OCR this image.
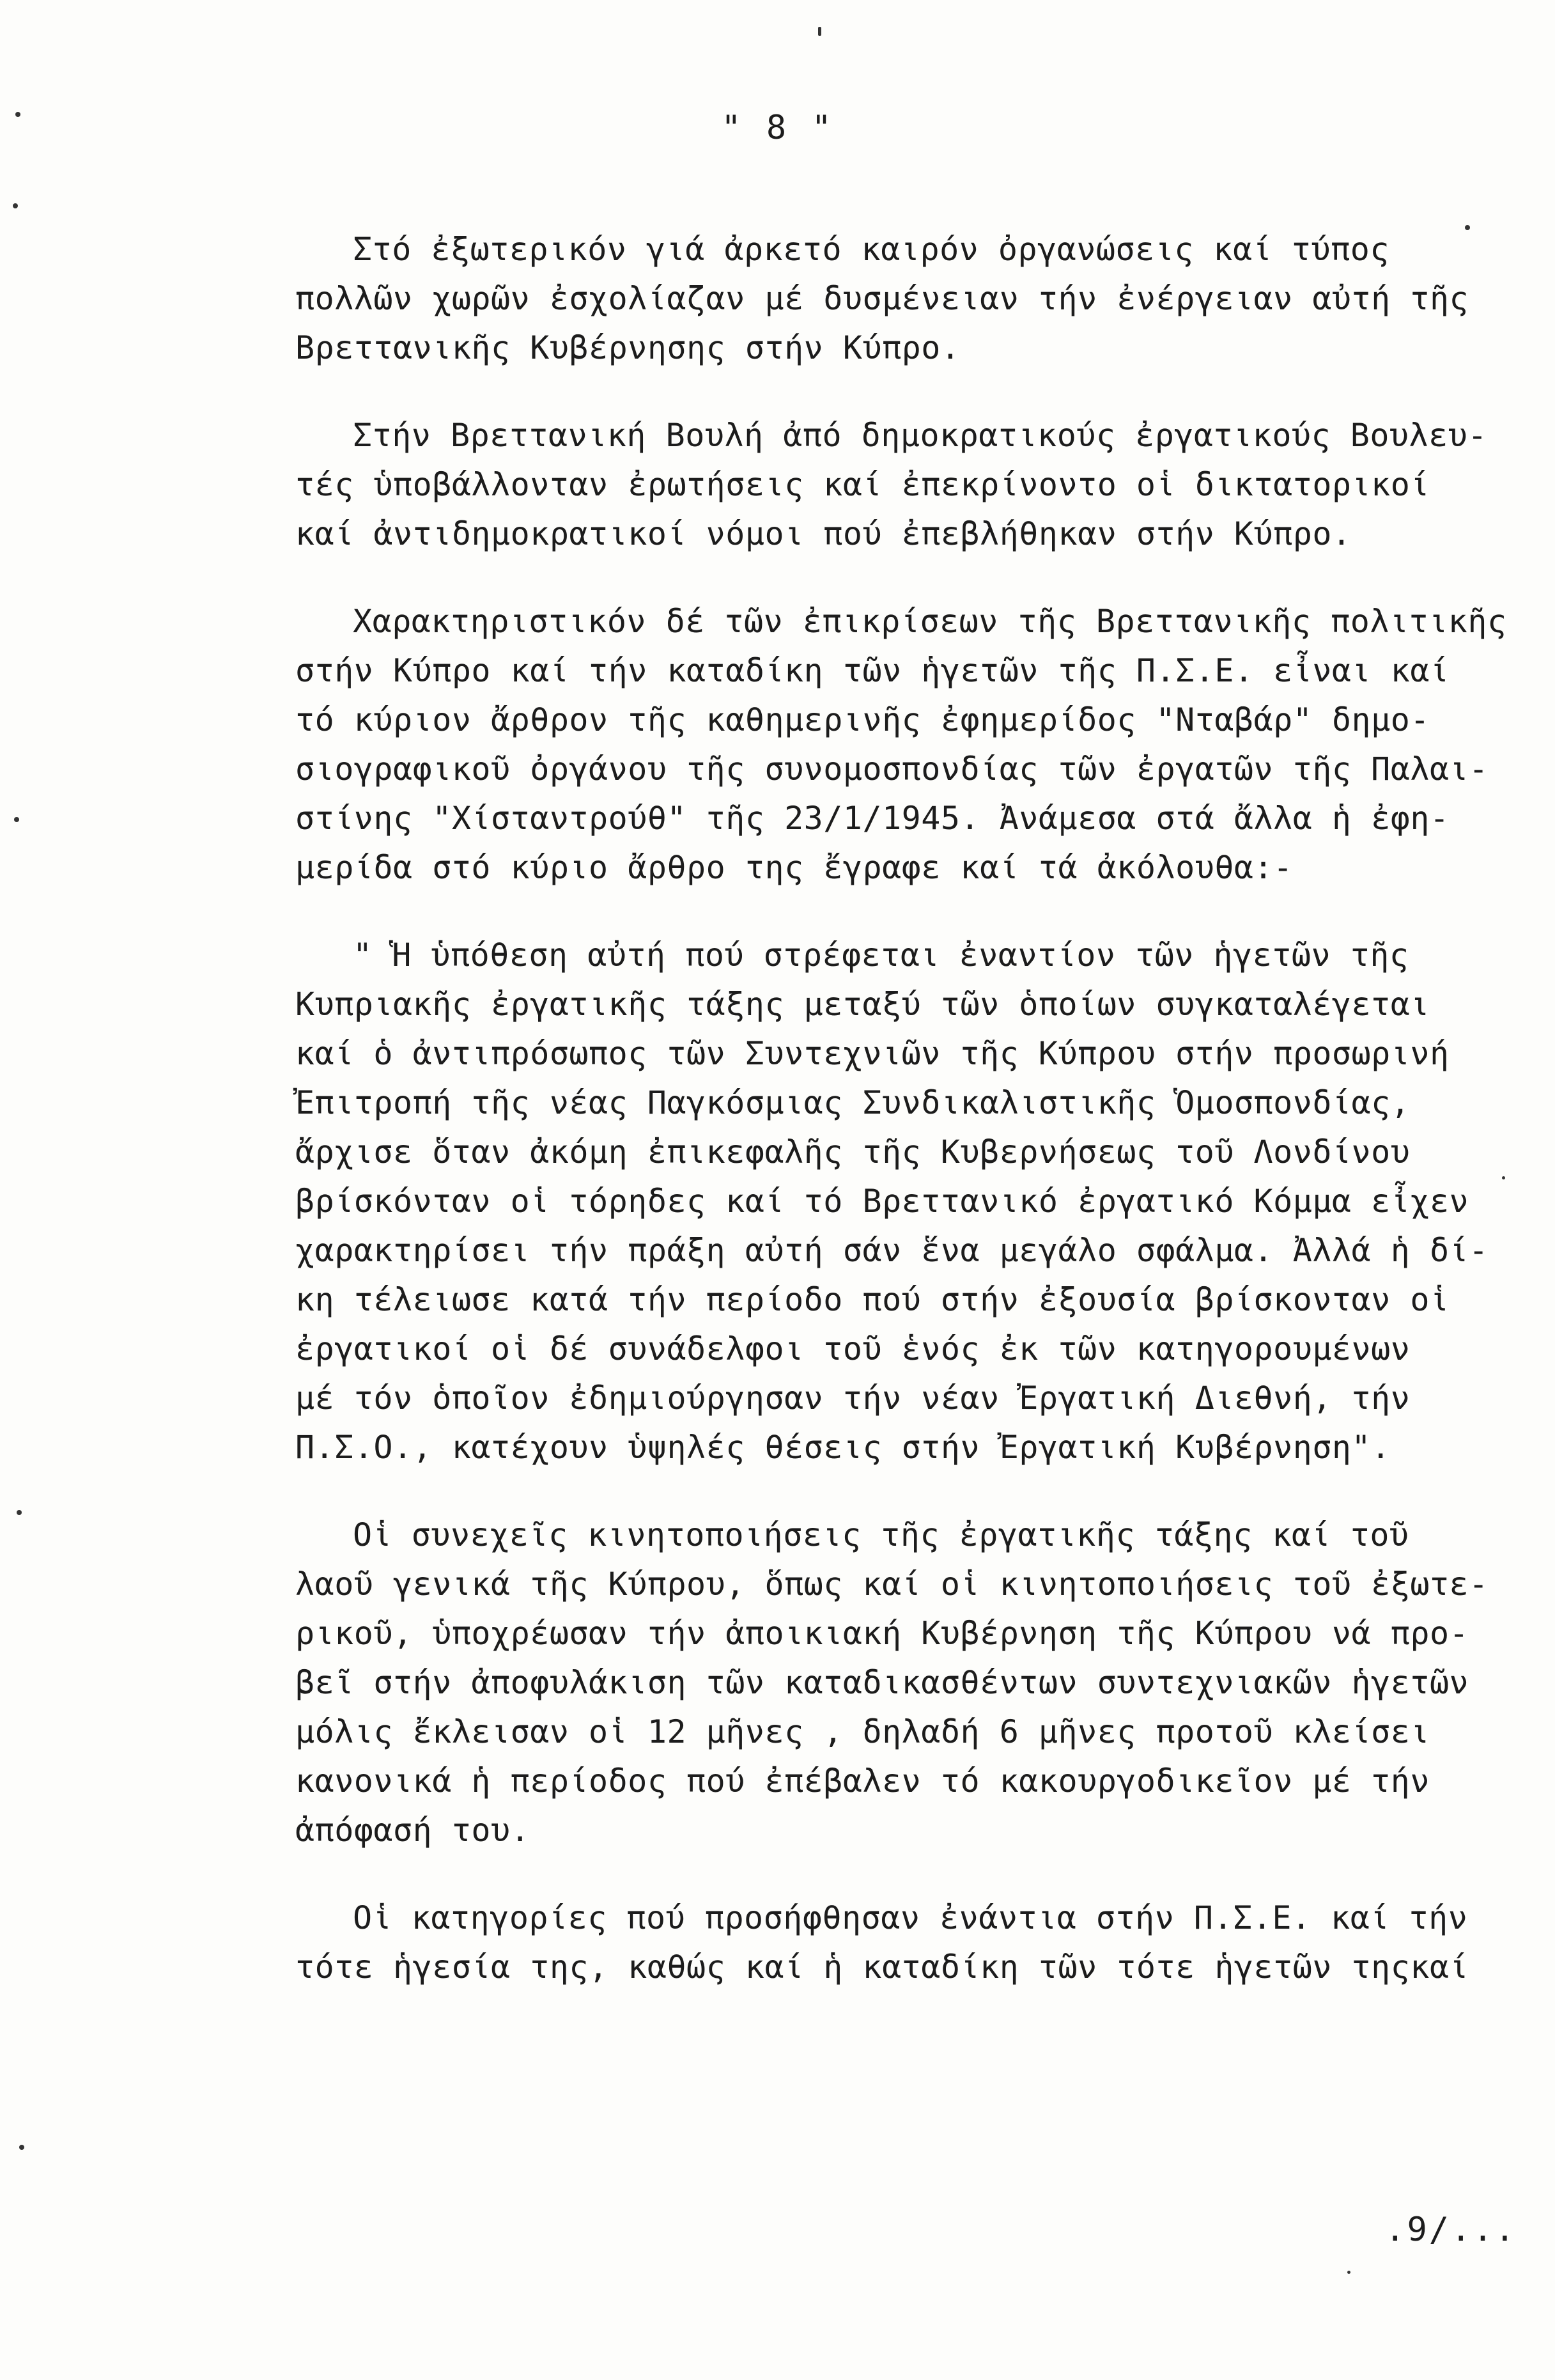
" 8 "
Στό ἐξωτερικόν γιά ἀρκετό καιρόν ὀργανώσεις καί τύπος
πολλῶν χωρῶν ἐσχολίαζαν μέ δυσμένειαν τήν ἐνέργειαν αὐτή τῆς
Βρεττανικῆς Κυβέρνησης στήν Κύπρο.
Στήν Βρεττανική Βουλή ἀπό δημοκρατικούς ἐργατικούς Βουλευ-
τές ὑποβάλλονταν ἐρωτήσεις καί ἐπεκρίνοντο οἱ δικτατορικοί
καί ἀντιδημοκρατικοί νόμοι πού ἐπεβλήθηκαν στήν Κύπρο.
Χαρακτηριστικόν δέ τῶν ἐπικρίσεων τῆς Βρεττανικῆς πολιτικῆς
στήν Κύπρο καί τήν καταδίκη τῶν ἡγετῶν τῆς Π.Σ.Ε. εἶναι καί
τό κύριον ἄρθρον τῆς καθημερινῆς ἐφημερίδος "Νταβάρ" δημο-
σιογραφικοῦ ὀργάνου τῆς συνομοσπονδίας τῶν ἐργατῶν τῆς Παλαι-
στίνης "Χίσταντρούθ" τῆς 23/1/1945. Ἀνάμεσα στά ἄλλα ἡ ἐφη-
μερίδα στό κύριο ἄρθρο της ἔγραφε καί τά ἀκόλουθα:-
" Ἡ ὑπόθεση αὐτή πού στρέφεται ἐναντίον τῶν ἡγετῶν τῆς
Κυπριακῆς ἐργατικῆς τάξης μεταξύ τῶν ὁποίων συγκαταλέγεται
καί ὁ ἀντιπρόσωπος τῶν Συντεχνιῶν τῆς Κύπρου στήν προσωρινή
Ἐπιτροπή τῆς νέας Παγκόσμιας Συνδικαλιστικῆς Ὁμοσπονδίας,
ἄρχισε ὅταν ἀκόμη ἐπικεφαλῆς τῆς Κυβερνήσεως τοῦ Λονδίνου
βρίσκόνταν οἱ τόρηδες καί τό Βρεττανικό ἐργατικό Κόμμα εἶχεν
χαρακτηρίσει τήν πράξη αὐτή σάν ἕνα μεγάλο σφάλμα. Ἀλλά ἡ δί-
κη τέλειωσε κατά τήν περίοδο πού στήν ἐξουσία βρίσκονταν οἱ
ἐργατικοί οἱ δέ συνάδελφοι τοῦ ἑνός ἐκ τῶν κατηγορουμένων
μέ τόν ὁποῖον ἐδημιούργησαν τήν νέαν Ἐργατική Διεθνή, τήν
Π.Σ.Ο., κατέχουν ὑψηλές θέσεις στήν Ἐργατική Κυβέρνηση".
Οἱ συνεχεῖς κινητοποιήσεις τῆς ἐργατικῆς τάξης καί τοῦ
λαοῦ γενικά τῆς Κύπρου, ὅπως καί οἱ κινητοποιήσεις τοῦ ἐξωτε-
ρικοῦ, ὑποχρέωσαν τήν ἀποικιακή Κυβέρνηση τῆς Κύπρου νά προ-
βεῖ στήν ἀποφυλάκιση τῶν καταδικασθέντων συντεχνιακῶν ἡγετῶν
μόλις ἔκλεισαν οἱ 12 μῆνες , δηλαδή 6 μῆνες προτοῦ κλείσει
κανονικά ἡ περίοδος πού ἐπέβαλεν τό κακουργοδικεῖον μέ τήν
ἀπόφασή του.
Οἱ κατηγορίες πού προσήφθησαν ἐνάντια στήν Π.Σ.Ε. καί τήν
τότε ἡγεσία της, καθώς καί ἡ καταδίκη τῶν τότε ἡγετῶν τηςκαί
.9/...
